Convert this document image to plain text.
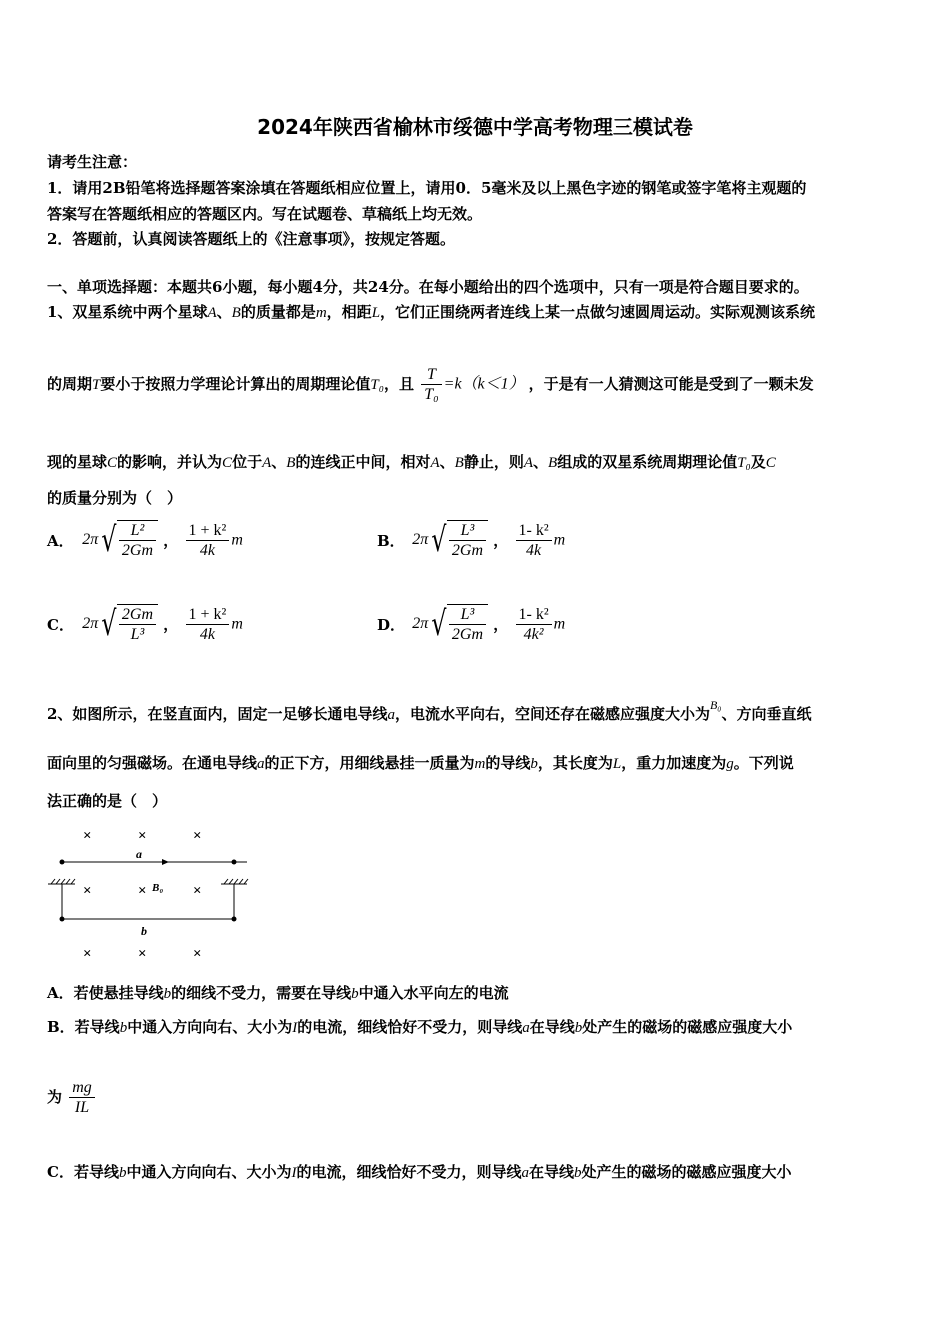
2024年陕西省榆林市绥德中学高考物理三模试卷
请考生注意：
1．请用2B铅笔将选择题答案涂填在答题纸相应位置上，请用0．5毫米及以上黑色字迹的钢笔或签字笔将主观题的
答案写在答题纸相应的答题区内。写在试题卷、草稿纸上均无效。
2．答题前，认真阅读答题纸上的《注意事项》，按规定答题。
一、单项选择题：本题共6小题，每小题4分，共24分。在每小题给出的四个选项中，只有一项是符合题目要求的。
1、双星系统中两个星球A、B的质量都是m，相距L，它们正围绕两者连线上某一点做匀速圆周运动。实际观测该系统
的周期T要小于按照力学理论计算出的周期理论值T₀，且 $\frac{T}{\text{T₀}} =k(k<1)$ ，于是有一人猜测这可能是受到了一颗未发
现的星球C的影响，并认为C位于A、B的连线正中间，相对A、B静止，则A、B组成的双星系统周期理论值T₀及C
的质量分别为（　）
A． $2\pi√ \frac{\text{L²}}{2Gm}$ ， $\frac{\text{1 + k²}}{4k}$ m	B． $2\pi√ \frac{\text{L³}}{2Gm}$ ， $\frac{\text{1- k²}}{4k}$ m
C． $2\pi√ \frac{2Gm}{\text{L³}}$ ， $\frac{\text{1 + k²}}{4k}$ m	D． $2\pi√ \frac{\text{L³}}{2Gm}$ ， $\frac{\text{1- k²}}{\text{4k²}}$ m
2、如图所示，在竖直面内，固定一足够长通电导线a，电流水平向右，空间还存在磁感应强度大小为$^{B_0}$、方向垂直纸
面向里的匀强磁场。在通电导线a的正下方，用细线悬挂一质量为m的导线b，其长度为L，重力加速度为g。下列说
法正确的是（　）
×	×	×
×	×	×
×	×	×
a
b
B₀
A．若使悬挂导线b的细线不受力，需要在导线b中通入水平向左的电流
B．若导线b中通入方向向右、大小为I的电流，细线恰好不受力，则导线a在导线b处产生的磁场的磁感应强度大小
为 $\frac{mg}{IL}$
C．若导线b中通入方向向右、大小为I的电流，细线恰好不受力，则导线a在导线b处产生的磁场的磁感应强度大小
